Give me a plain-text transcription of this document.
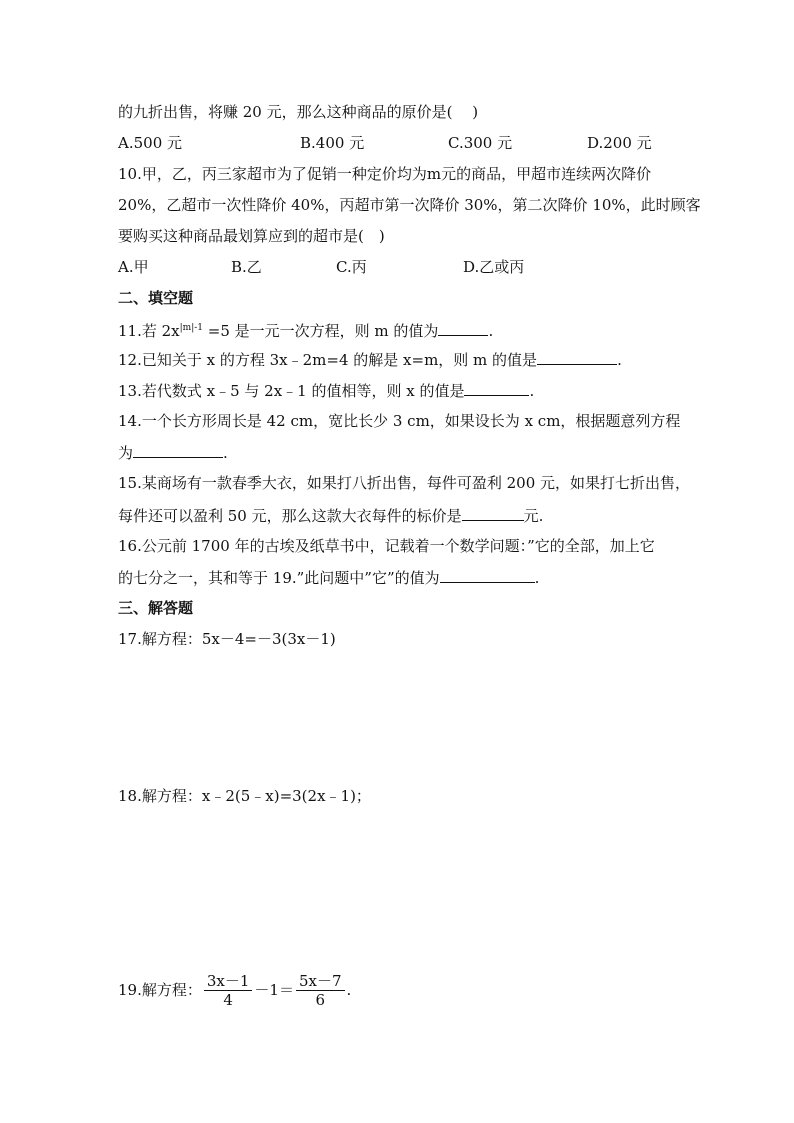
的九折出售，将赚 20 元，那么这种商品的原价是(　 )
A.500 元	B.400 元	C.300 元	D.200 元
10.甲，乙，丙三家超市为了促销一种定价均为m元的商品，甲超市连续两次降价
20%，乙超市一次性降价 40%，丙超市第一次降价 30%，第二次降价 10%，此时顾客
要购买这种商品最划算应到的超市是(　)
A.甲	B.乙	C.丙	D.乙或丙
二、填空题
11.若 $2x^{|m|-1} =5$ 是一元一次方程，则 m 的值为	.
12.已知关于 x 的方程 3x﹣2m=4 的解是 x=m，则 m 的值是	.
13.若代数式 x﹣5 与 2x﹣1 的值相等，则 x 的值是	.
14.一个长方形周长是 42 cm，宽比长少 3 cm，如果设长为 x cm，根据题意列方程
为	.
15.某商场有一款春季大衣，如果打八折出售，每件可盈利 200 元，如果打七折出售，
每件还可以盈利 50 元，那么这款大衣每件的标价是	元.
16.公元前 1700 年的古埃及纸草书中，记载着一个数学问题：”它的全部，加上它
的七分之一，其和等于 19.”此问题中”它”的值为	.
三、解答题
17.解方程：5x－4=－3(3x－1)
18.解方程：x﹣2(5﹣x)=3(2x﹣1)；
19.解方程： $\frac{3x-1}{4} -1= \frac{5x-7}{6}$ .
